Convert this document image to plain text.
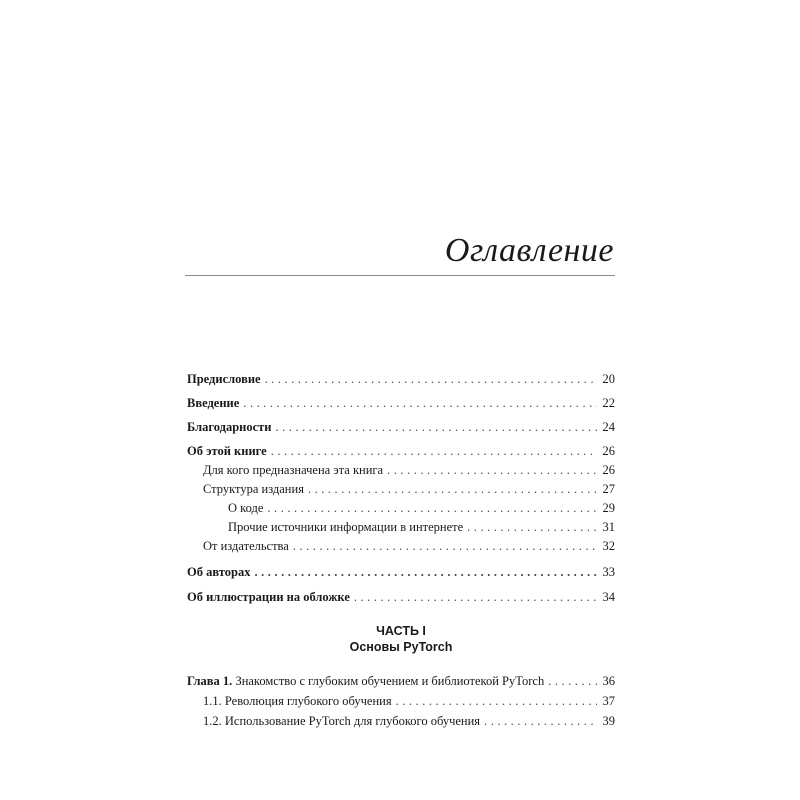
Оглавление
Предисловие . . .	20
Введение . . .	22
Благодарности . . .	24
Об этой книге . . .	26
Для кого предназначена эта книга . . .	26
Структура издания . . .	27
О коде . . .	29
Прочие источники информации в интернете . . .	31
От издательства . . .	32
Об авторах . . .	33
Об иллюстрации на обложке . . .	34
ЧАСТЬ I
Основы PyTorch
Глава 1. Знакомство с глубоким обучением и библиотекой PyTorch . . .	36
1.1. Революция глубокого обучения . . .	37
1.2. Использование PyTorch для глубокого обучения . . .	39
